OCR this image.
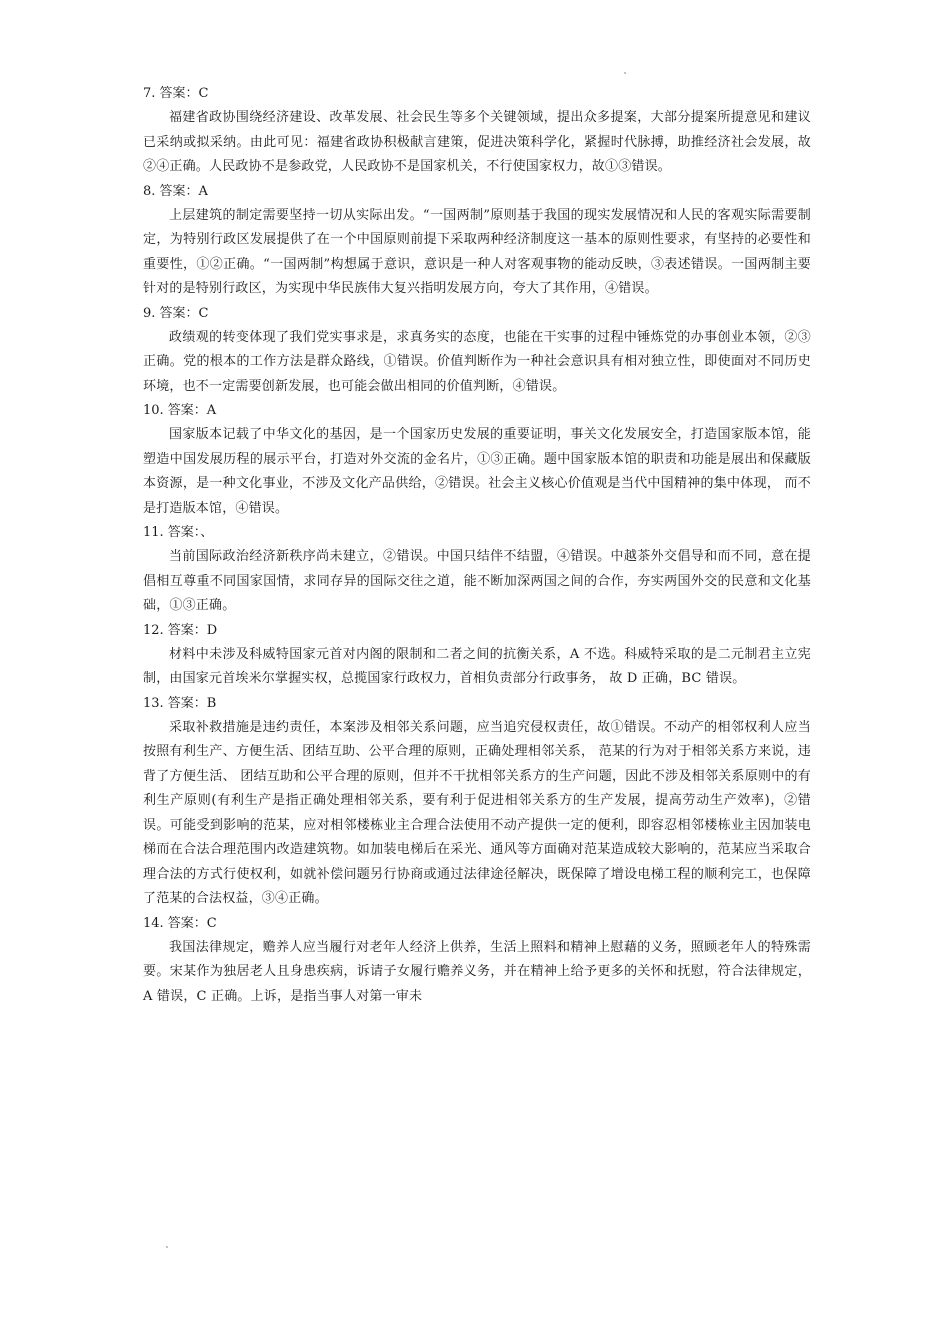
7. 答案：C

福建省政协围绕经济建设、改革发展、社会民生等多个关键领域，提出众多提案，大部分提案所提意见和建议已采纳或拟采纳。由此可见：福建省政协积极献言建策，促进决策科学化，紧握时代脉搏，助推经济社会发展，故②④正确。人民政协不是参政党，人民政协不是国家机关，不行使国家权力，故①③错误。

8. 答案：A

上层建筑的制定需要坚持一切从实际出发。“一国两制”原则基于我国的现实发展情况和人民的客观实际需要制定，为特别行政区发展提供了在一个中国原则前提下采取两种经济制度这一基本的原则性要求，有坚持的必要性和重要性，①②正确。“一国两制”构想属于意识，意识是一种人对客观事物的能动反映，③表述错误。一国两制主要针对的是特别行政区，为实现中华民族伟大复兴指明发展方向，夸大了其作用，④错误。

9. 答案：C

政绩观的转变体现了我们党实事求是，求真务实的态度，也能在干实事的过程中锤炼党的办事创业本领，②③正确。党的根本的工作方法是群众路线，①错误。价值判断作为一种社会意识具有相对独立性，即使面对不同历史环境，也不一定需要创新发展，也可能会做出相同的价值判断，④错误。

10. 答案：A

国家版本记载了中华文化的基因，是一个国家历史发展的重要证明，事关文化发展安全，打造国家版本馆，能塑造中国发展历程的展示平台，打造对外交流的金名片，①③正确。题中国家版本馆的职责和功能是展出和保藏版本资源，是一种文化事业，不涉及文化产品供给，②错误。社会主义核心价值观是当代中国精神的集中体现， 而不是打造版本馆，④错误。

11. 答案：、

当前国际政治经济新秩序尚未建立，②错误。中国只结伴不结盟，④错误。中越茶外交倡导和而不同，意在提倡相互尊重不同国家国情，求同存异的国际交往之道，能不断加深两国之间的合作，夯实两国外交的民意和文化基础，①③正确。

12. 答案：D

材料中未涉及科威特国家元首对内阁的限制和二者之间的抗衡关系，A 不选。科威特采取的是二元制君主立宪制，由国家元首埃米尔掌握实权，总揽国家行政权力，首相负责部分行政事务， 故 D 正确，BC 错误。

13. 答案：B

采取补救措施是违约责任，本案涉及相邻关系问题，应当追究侵权责任，故①错误。不动产的相邻权利人应当按照有利生产、方便生活、团结互助、公平合理的原则，正确处理相邻关系， 范某的行为对于相邻关系方来说，违背了方便生活、 团结互助和公平合理的原则，但并不干扰相邻关系方的生产问题，因此不涉及相邻关系原则中的有利生产原则(有利生产是指正确处理相邻关系，要有利于促进相邻关系方的生产发展，提高劳动生产效率)，②错误。可能受到影响的范某，应对相邻楼栋业主合理合法使用不动产提供一定的便利，即容忍相邻楼栋业主因加装电梯而在合法合理范围内改造建筑物。如加装电梯后在采光、通风等方面确对范某造成较大影响的，范某应当采取合理合法的方式行使权利，如就补偿问题另行协商或通过法律途径解决，既保障了增设电梯工程的顺利完工，也保障了范某的合法权益，③④正确。

14. 答案：C

我国法律规定，赡养人应当履行对老年人经济上供养，生活上照料和精神上慰藉的义务，照顾老年人的特殊需要。宋某作为独居老人且身患疾病，诉请子女履行赡养义务，并在精神上给予更多的关怀和抚慰，符合法律规定，A 错误，C 正确。上诉，是指当事人对第一审未
